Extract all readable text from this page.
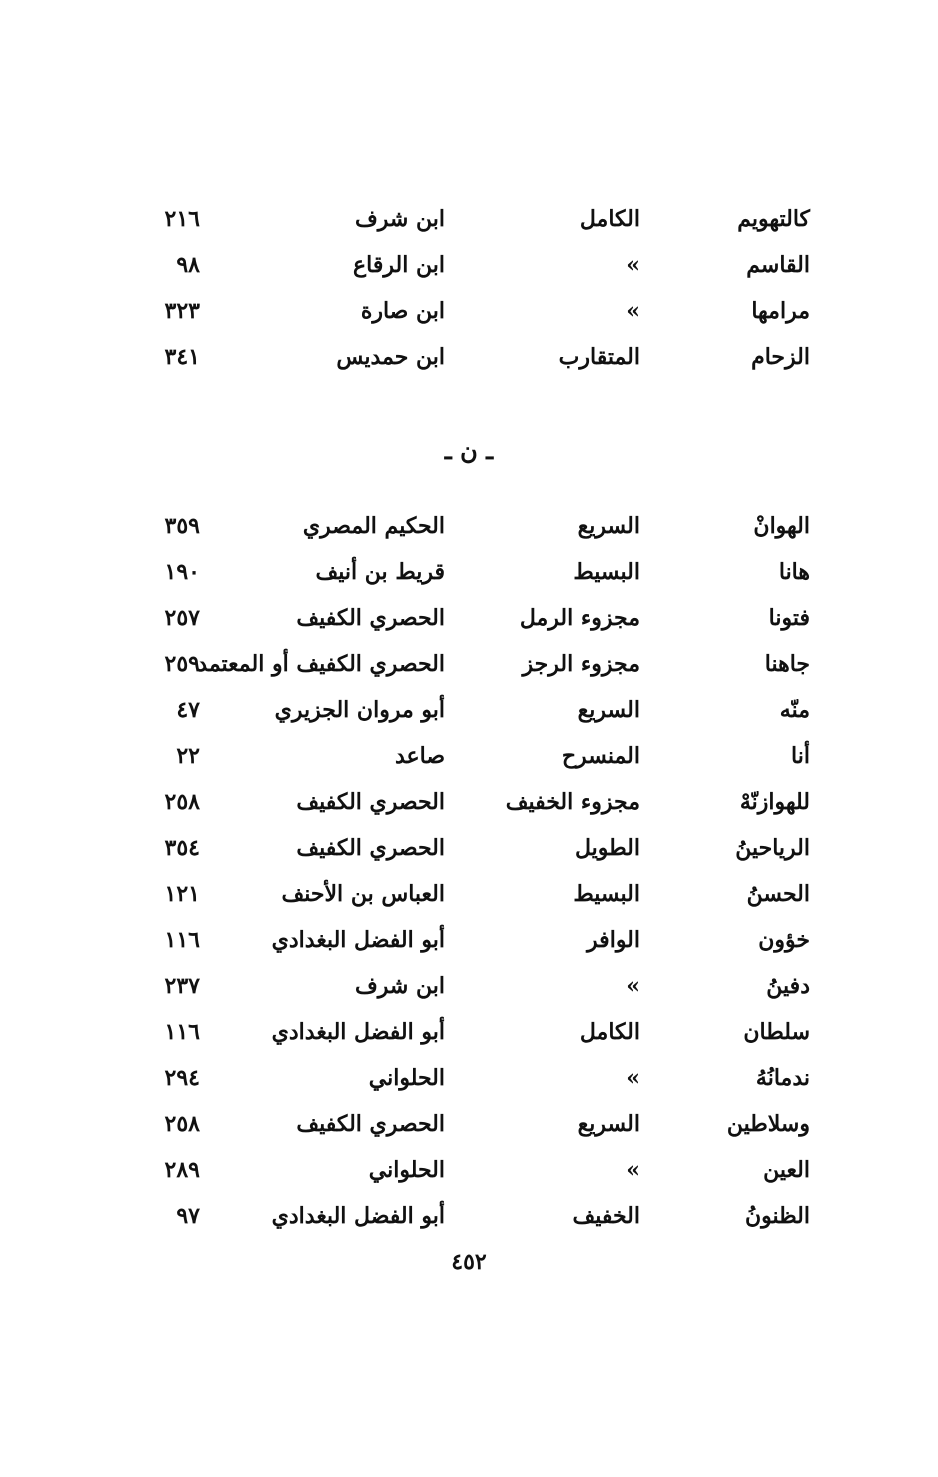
كالتهويم
الكامل
ابن شرف
٢١٦
القاسم
»
ابن الرقاع
٩٨
مرامها
»
ابن صارة
٣٢٣
الزحام
المتقارب
ابن حمديس
٣٤١
ـ ن ـ
الهوانْ
السريع
الحكيم المصري
٣٥٩
هانا
البسيط
قريط بن أنيف
١٩٠
فتونا
مجزوء الرمل
الحصري الكفيف
٢٥٧
جاهنا
مجزوء الرجز
الحصري الكفيف أو المعتمد
٢٥٩
منّه
السريع
أبو مروان الجزيري
٤٧
أنا
المنسرح
صاعد
٢٢
للهوازنّهْ
مجزوء الخفيف
الحصري الكفيف
٢٥٨
الرياحينُ
الطويل
الحصري الكفيف
٣٥٤
الحسنُ
البسيط
العباس بن الأحنف
١٢١
خؤون
الوافر
أبو الفضل البغدادي
١١٦
دفينُ
»
ابن شرف
٢٣٧
سلطان
الكامل
أبو الفضل البغدادي
١١٦
ندمانُهُ
»
الحلواني
٢٩٤
وسلاطين
السريع
الحصري الكفيف
٢٥٨
العين
»
الحلواني
٢٨٩
الظنونُ
الخفيف
أبو الفضل البغدادي
٩٧
٤٥٢
